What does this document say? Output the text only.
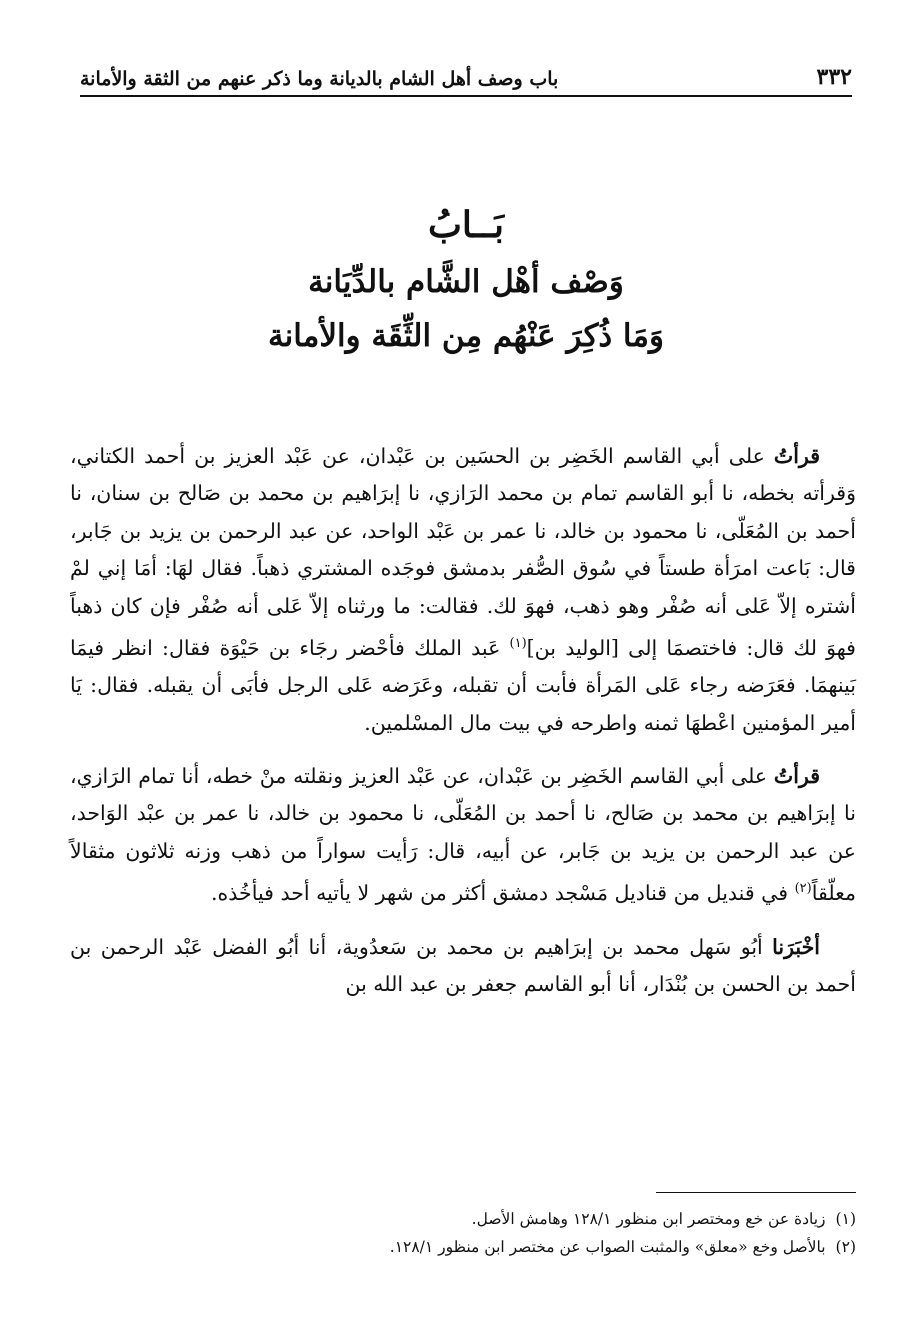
٣٣٢
باب وصف أهل الشام بالديانة وما ذكر عنهم من الثقة والأمانة
بَــابُ
وَصْف أهْل الشَّام بالدِّيَانة
وَمَا ذُكِرَ عَنْهُم مِن الثِّقَة والأمانة

قرأتُ على أبي القاسم الخَضِر بن الحسَين بن عَبْدان، عن عَبْد العزيز بن أحمد الكتاني، وَقرأته بخطه، نا أبو القاسم تمام بن محمد الرَازي، نا إبرَاهيم بن محمد بن صَالح بن سنان، نا أحمد بن المُعَلّى، نا محمود بن خالد، نا عمر بن عَبْد الواحد، عن عبد الرحمن بن يزيد بن جَابر، قال: بَاعت امرَأة طستاً في سُوق الصُّفر بدمشق فوجَده المشتري ذهباً. فقال لهَا: أمَا إني لمْ أشتره إلاّ عَلى أنه صُفْر وهو ذهب، فهوَ لك. فقالت: ما ورثناه إلاّ عَلى أنه صُفْر فإن كان ذهباً فهوَ لك قال: فاختصمَا إلى [الوليد بن]$^{(١)}$ عَبد الملك فأحْضر رجَاء بن حَيْوَة فقال: انظر فيمَا بَينهمَا. فعَرَضه رجاء عَلى المَرأة فأبت أن تقبله، وعَرَضه عَلى الرجل فأبَى أن يقبله. فقال: يَا أمير المؤمنين اعْطهَا ثمنه واطرحه في بيت مال المسْلمين.

قرأتُ على أبي القاسم الخَضِر بن عَبْدان، عن عَبْد العزيز ونقلته منْ خطه، أنا تمام الرَازي، نا إبرَاهيم بن محمد بن صَالح، نا أحمد بن المُعَلّى، نا محمود بن خالد، نا عمر بن عبْد الوَاحد، عن عبد الرحمن بن يزيد بن جَابر، عن أبيه، قال: رَأيت سواراً من ذهب وزنه ثلاثون مثقالاً معلّقاً$^{(٢)}$ في قنديل من قناديل مَسْجد دمشق أكثر من شهر لا يأتيه أحد فيأخُذه.

أخْبَرَنا أبُو سَهل محمد بن إبرَاهيم بن محمد بن سَعدُوية، أنا أبُو الفضل عَبْد الرحمن بن أحمد بن الحسن بن بُنْدَار، أنا أبو القاسم جعفر بن عبد الله بن

(١)
زيادة عن خع ومختصر ابن منظور ١٢٨/١ وهامش الأصل.
(٢)
بالأصل وخع «معلق» والمثبت الصواب عن مختصر ابن منظور ١٢٨/١.
